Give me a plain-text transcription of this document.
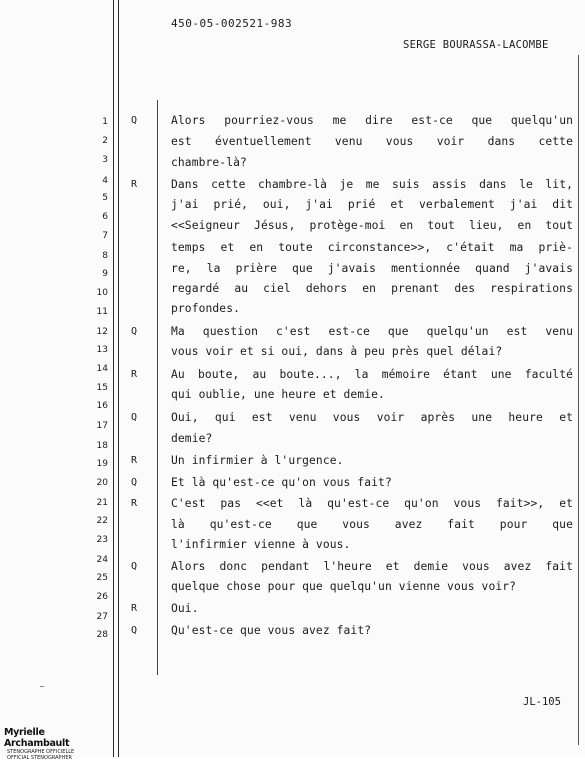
450-05-002521-983
SERGE BOURASSA-LACOMBE
1
2
3
4
5
6
7
8
9
10
11
12
13
14
15
16
17
18
19
20
21
22
23
24
25
26
27
28
Q	Alors pourriez-vous me dire est-ce que quelqu'un
est éventuellement venu vous voir dans cette
chambre-là?
R	Dans cette chambre-là je me suis assis dans le lit,
j'ai prié, oui, j'ai prié et verbalement j'ai dit
<<Seigneur Jésus, protège-moi en tout lieu, en tout
temps et en toute circonstance>>, c'était ma priè-
re, la prière que j'avais mentionnée quand j'avais
regardé au ciel dehors en prenant des respirations
profondes.
Q	Ma question c'est est-ce que quelqu'un est venu
vous voir et si oui, dans à peu près quel délai?
R	Au boute, au boute..., la mémoire étant une faculté
qui oublie, une heure et demie.
Q	Oui, qui est venu vous voir après une heure et
demie?
R	Un infirmier à l'urgence.
Q	Et là qu'est-ce qu'on vous fait?
R	C'est pas <<et là qu'est-ce qu'on vous fait>>, et
là qu'est-ce que vous avez fait pour que
l'infirmier vienne à vous.
Q	Alors donc pendant l'heure et demie vous avez fait
quelque chose pour que quelqu'un vienne vous voir?
R	Oui.
Q	Qu'est-ce que vous avez fait?
JL-105
Myrielle Archambault
STENOGRAPHE OFFICIELLE
OFFICIAL STENOGRAPHER
